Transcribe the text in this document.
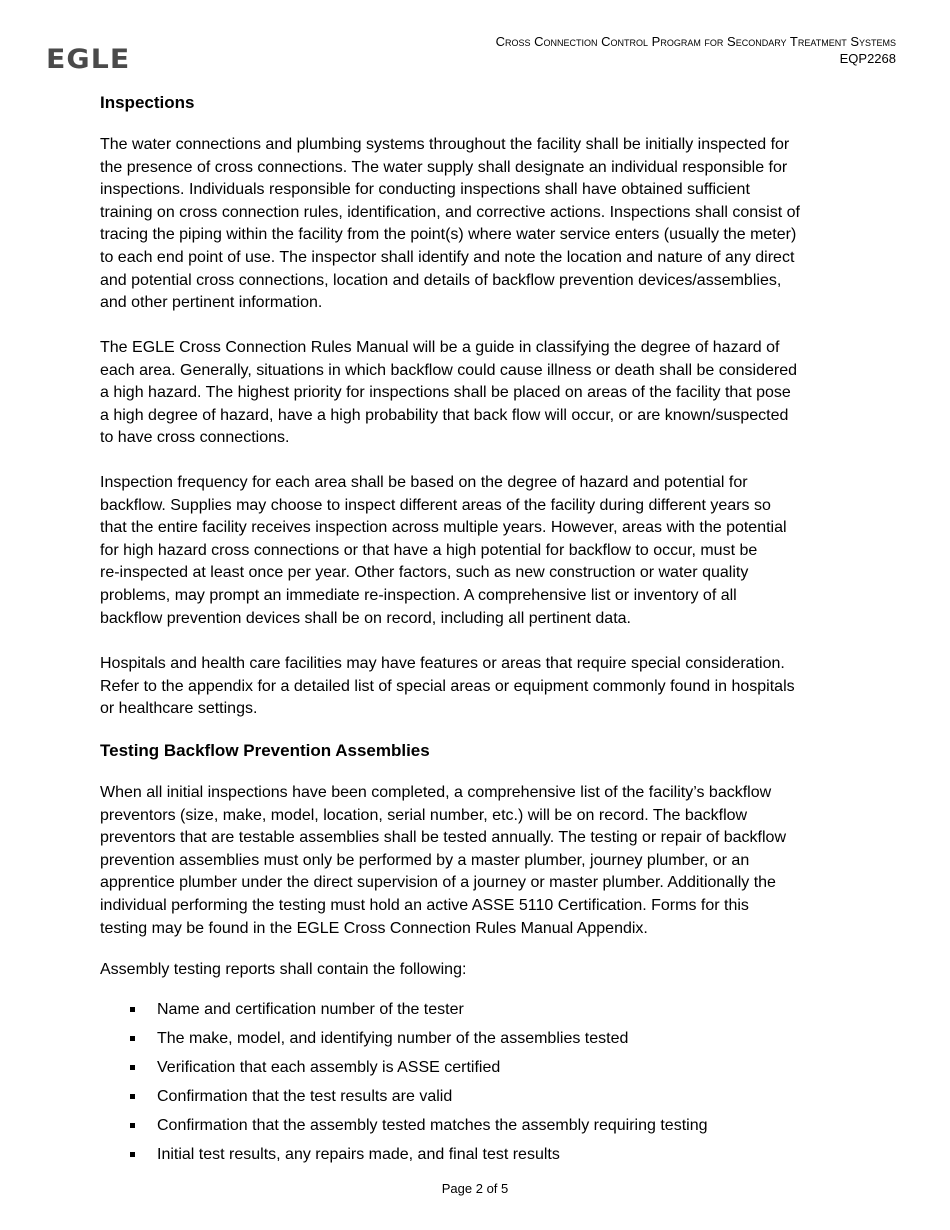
EGLE
Cross Connection Control Program for Secondary Treatment Systems
EQP2268
Inspections
The water connections and plumbing systems throughout the facility shall be initially inspected for
the presence of cross connections. The water supply shall designate an individual responsible for
inspections. Individuals responsible for conducting inspections shall have obtained sufficient
training on cross connection rules, identification, and corrective actions. Inspections shall consist of
tracing the piping within the facility from the point(s) where water service enters (usually the meter)
to each end point of use. The inspector shall identify and note the location and nature of any direct
and potential cross connections, location and details of backflow prevention devices/assemblies,
and other pertinent information.
The EGLE Cross Connection Rules Manual will be a guide in classifying the degree of hazard of
each area. Generally, situations in which backflow could cause illness or death shall be considered
a high hazard. The highest priority for inspections shall be placed on areas of the facility that pose
a high degree of hazard, have a high probability that back flow will occur, or are known/suspected
to have cross connections.
Inspection frequency for each area shall be based on the degree of hazard and potential for
backflow. Supplies may choose to inspect different areas of the facility during different years so
that the entire facility receives inspection across multiple years. However, areas with the potential
for high hazard cross connections or that have a high potential for backflow to occur, must be
re-inspected at least once per year. Other factors, such as new construction or water quality
problems, may prompt an immediate re-inspection. A comprehensive list or inventory of all
backflow prevention devices shall be on record, including all pertinent data.
Hospitals and health care facilities may have features or areas that require special consideration.
Refer to the appendix for a detailed list of special areas or equipment commonly found in hospitals
or healthcare settings.
Testing Backflow Prevention Assemblies
When all initial inspections have been completed, a comprehensive list of the facility’s backflow
preventors (size, make, model, location, serial number, etc.) will be on record. The backflow
preventors that are testable assemblies shall be tested annually. The testing or repair of backflow
prevention assemblies must only be performed by a master plumber, journey plumber, or an
apprentice plumber under the direct supervision of a journey or master plumber. Additionally the
individual performing the testing must hold an active ASSE 5110 Certification. Forms for this
testing may be found in the EGLE Cross Connection Rules Manual Appendix.
Assembly testing reports shall contain the following:
Name and certification number of the tester
The make, model, and identifying number of the assemblies tested
Verification that each assembly is ASSE certified
Confirmation that the test results are valid
Confirmation that the assembly tested matches the assembly requiring testing
Initial test results, any repairs made, and final test results
Page 2 of 5
